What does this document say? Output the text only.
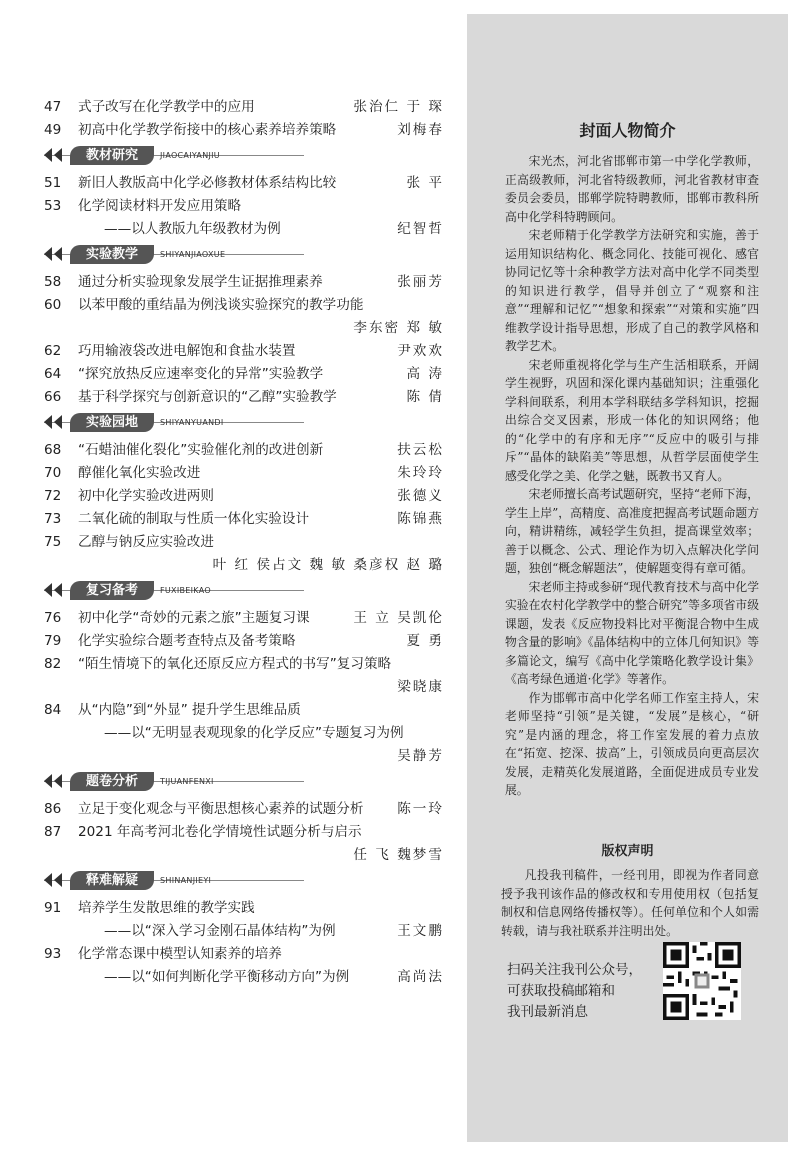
47	式子改写在化学教学中的应用	张治仁 于 琛
49	初高中化学教学衔接中的核心素养培养策略	刘梅春
教材研究	JIAOCAIYANJIU
51	新旧人教版高中化学必修教材体系结构比较	张 平
53	化学阅读材料开发应用策略
——以人教版九年级教材为例	纪智哲
实验教学	SHIYANJIAOXUE
58	通过分析实验现象发展学生证据推理素养	张丽芳
60	以苯甲酸的重结晶为例浅谈实验探究的教学功能
李东密 郑 敏
62	巧用输液袋改进电解饱和食盐水装置	尹欢欢
64	“探究放热反应速率变化的异常”实验教学	高 涛
66	基于科学探究与创新意识的“乙醇”实验教学	陈 倩
实验园地	SHIYANYUANDI
68	“石蜡油催化裂化”实验催化剂的改进创新	扶云松
70	醇催化氧化实验改进	朱玲玲
72	初中化学实验改进两则	张德义
73	二氧化硫的制取与性质一体化实验设计	陈锦燕
75	乙醇与钠反应实验改进
叶 红 侯占文 魏 敏 桑彦权 赵 璐
复习备考	FUXIBEIKAO
76	初中化学“奇妙的元素之旅”主题复习课	王 立 吴凯伦
79	化学实验综合题考查特点及备考策略	夏 勇
82	“陌生情境下的氧化还原反应方程式的书写”复习策略
梁晓康
84	从“内隐”到“外显” 提升学生思维品质
——以“无明显表观现象的化学反应”专题复习为例
吴静芳
题卷分析	TIJUANFENXI
86	立足于变化观念与平衡思想核心素养的试题分析	陈一玲
87	2021 年高考河北卷化学情境性试题分析与启示
任 飞 魏梦雪
释难解疑	SHINANJIEYI
91	培养学生发散思维的教学实践
——以“深入学习金刚石晶体结构”为例	王文鹏
93	化学常态课中模型认知素养的培养
——以“如何判断化学平衡移动方向”为例	高尚法
封面人物简介

宋光杰，河北省邯郸市第一中学化学教师，正高级教师，河北省特级教师，河北省教材审查委员会委员，邯郸学院特聘教师，邯郸市教科所高中化学科特聘顾问。

宋老师精于化学教学方法研究和实施，善于运用知识结构化、概念同化、技能可视化、感官协同记忆等十余种教学方法对高中化学不同类型的知识进行教学，倡导并创立了“观察和注意”“理解和记忆”“想象和探索”“对策和实施”四维教学设计指导思想，形成了自己的教学风格和教学艺术。

宋老师重视将化学与生产生活相联系，开阔学生视野，巩固和深化课内基础知识；注重强化学科间联系，利用本学科联结多学科知识，挖掘出综合交叉因素，形成一体化的知识网络；他的“化学中的有序和无序”“反应中的吸引与排斥”“晶体的缺陷美”等思想，从哲学层面使学生感受化学之美、化学之魅，既教书又育人。

宋老师擅长高考试题研究，坚持“老师下海，学生上岸”，高精度、高准度把握高考试题命题方向，精讲精练，减轻学生负担，提高课堂效率；善于以概念、公式、理论作为切入点解决化学问题，独创“概念解题法”，使解题变得有章可循。

宋老师主持或参研“现代教育技术与高中化学实验在农村化学教学中的整合研究”等多项省市级课题，发表《反应物投料比对平衡混合物中生成物含量的影响》《晶体结构中的立体几何知识》等多篇论文，编写《高中化学策略化教学设计集》《高考绿色通道·化学》等著作。

作为邯郸市高中化学名师工作室主持人，宋老师坚持“引领”是关键，“发展”是核心，“研究”是内涵的理念，将工作室发展的着力点放在“拓宽、挖深、拔高”上，引领成员向更高层次发展，走精英化发展道路，全面促进成员专业发展。

版权声明
凡投我刊稿件，一经刊用，即视为作者同意授予我刊该作品的修改权和专用使用权（包括复制权和信息网络传播权等）。任何单位和个人如需转载，请与我社联系并注明出处。
扫码关注我刊公众号，
可获取投稿邮箱和
我刊最新消息
